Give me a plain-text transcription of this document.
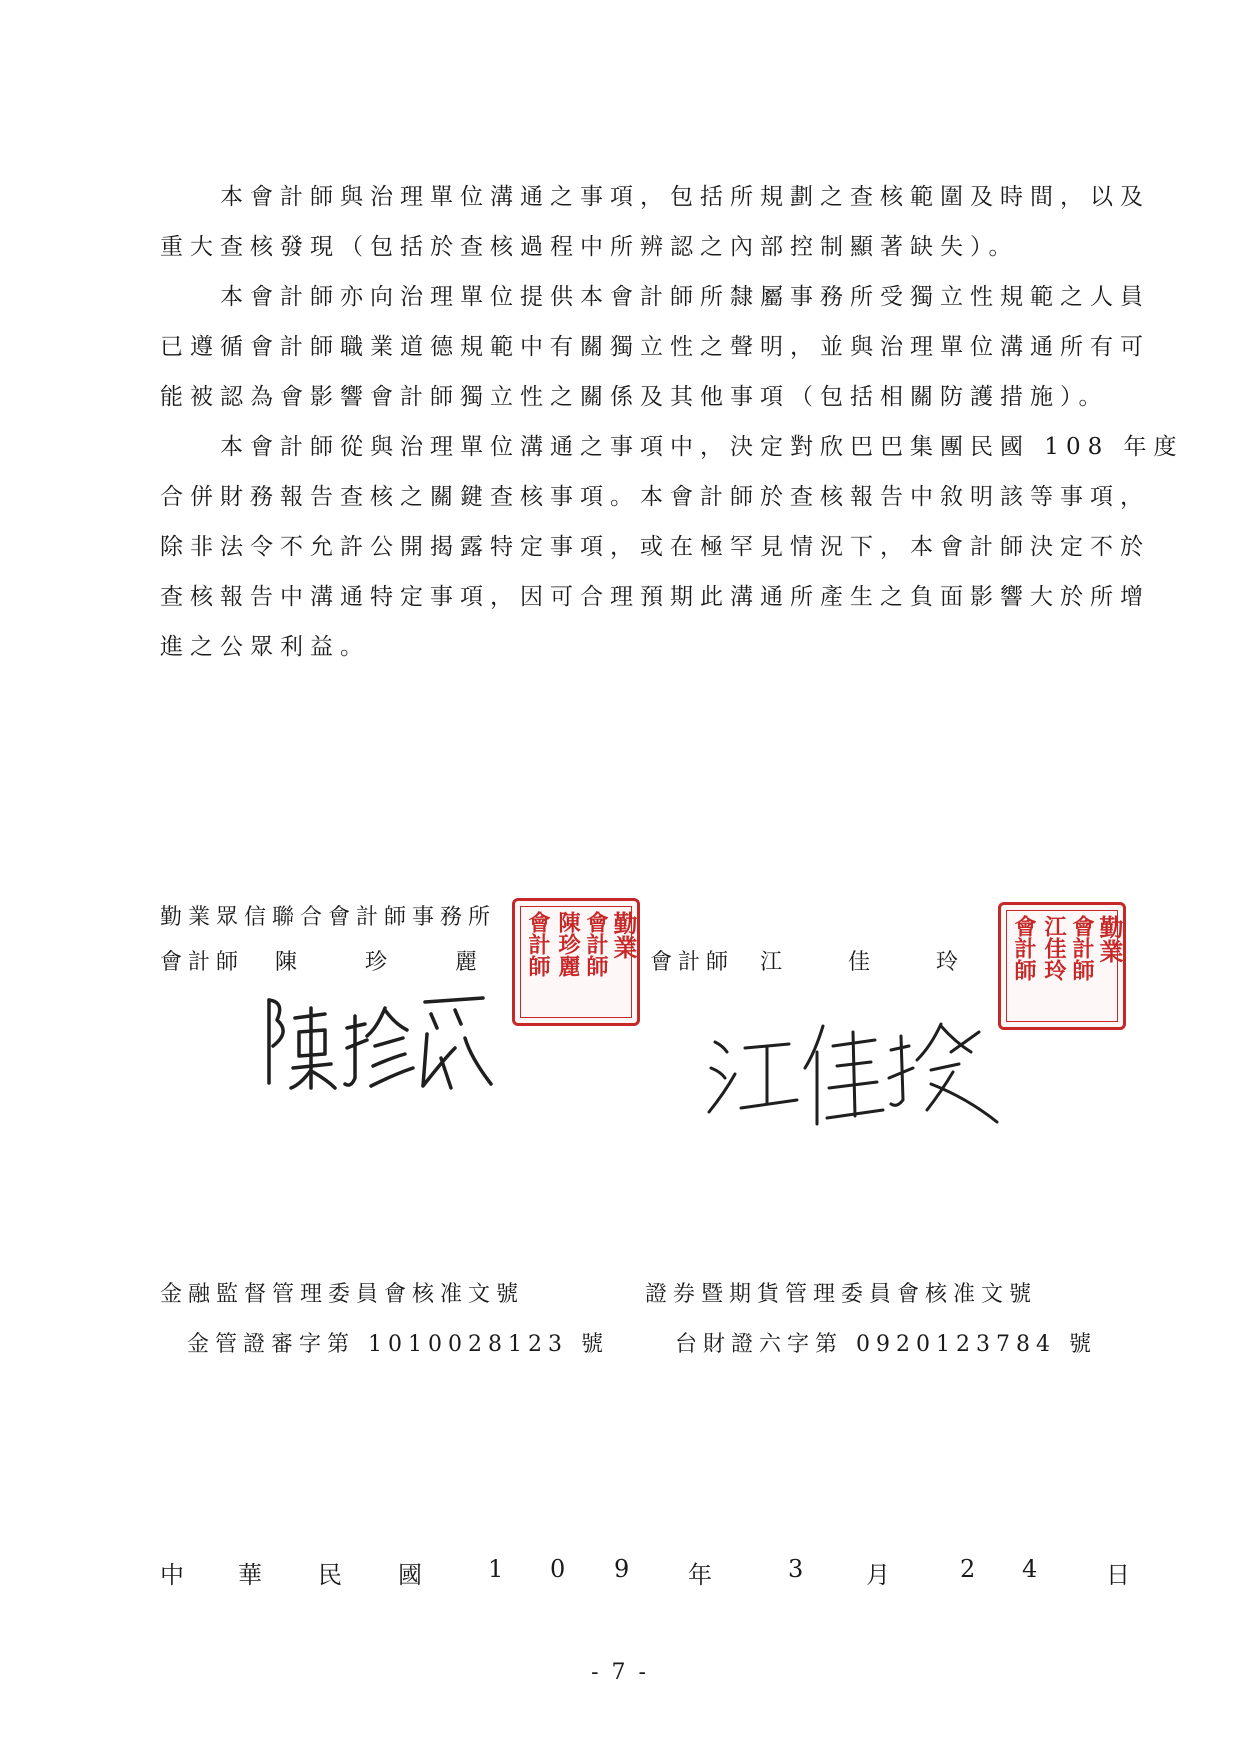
　　本會計師與治理單位溝通之事項，包括所規劃之查核範圍及時間，以及
重大查核發現（包括於查核過程中所辨認之內部控制顯著缺失）。
　　本會計師亦向治理單位提供本會計師所隸屬事務所受獨立性規範之人員
已遵循會計師職業道德規範中有關獨立性之聲明，並與治理單位溝通所有可
能被認為會影響會計師獨立性之關係及其他事項（包括相關防護措施）。
　　本會計師從與治理單位溝通之事項中，決定對欣巴巴集團民國 108 年度
合併財務報告查核之關鍵查核事項。本會計師於查核報告中敘明該等事項，
除非法令不允許公開揭露特定事項，或在極罕見情況下，本會計師決定不於
查核報告中溝通特定事項，因可合理預期此溝通所產生之負面影響大於所增
進之公眾利益。
勤業眾信聯合會計師事務所
會計師 陳	珍	麗
勤業
會計師
陳珍麗
會計師	會計師 江	佳	玲	勤業
會計師
江佳玲
會計師
金融監督管理委員會核准文號
金管證審字第 1010028123 號
證券暨期貨管理委員會核准文號
台財證六字第 0920123784 號
中 華 民 國	1 0 9 年	3	月	2 4	日
- 7 -
